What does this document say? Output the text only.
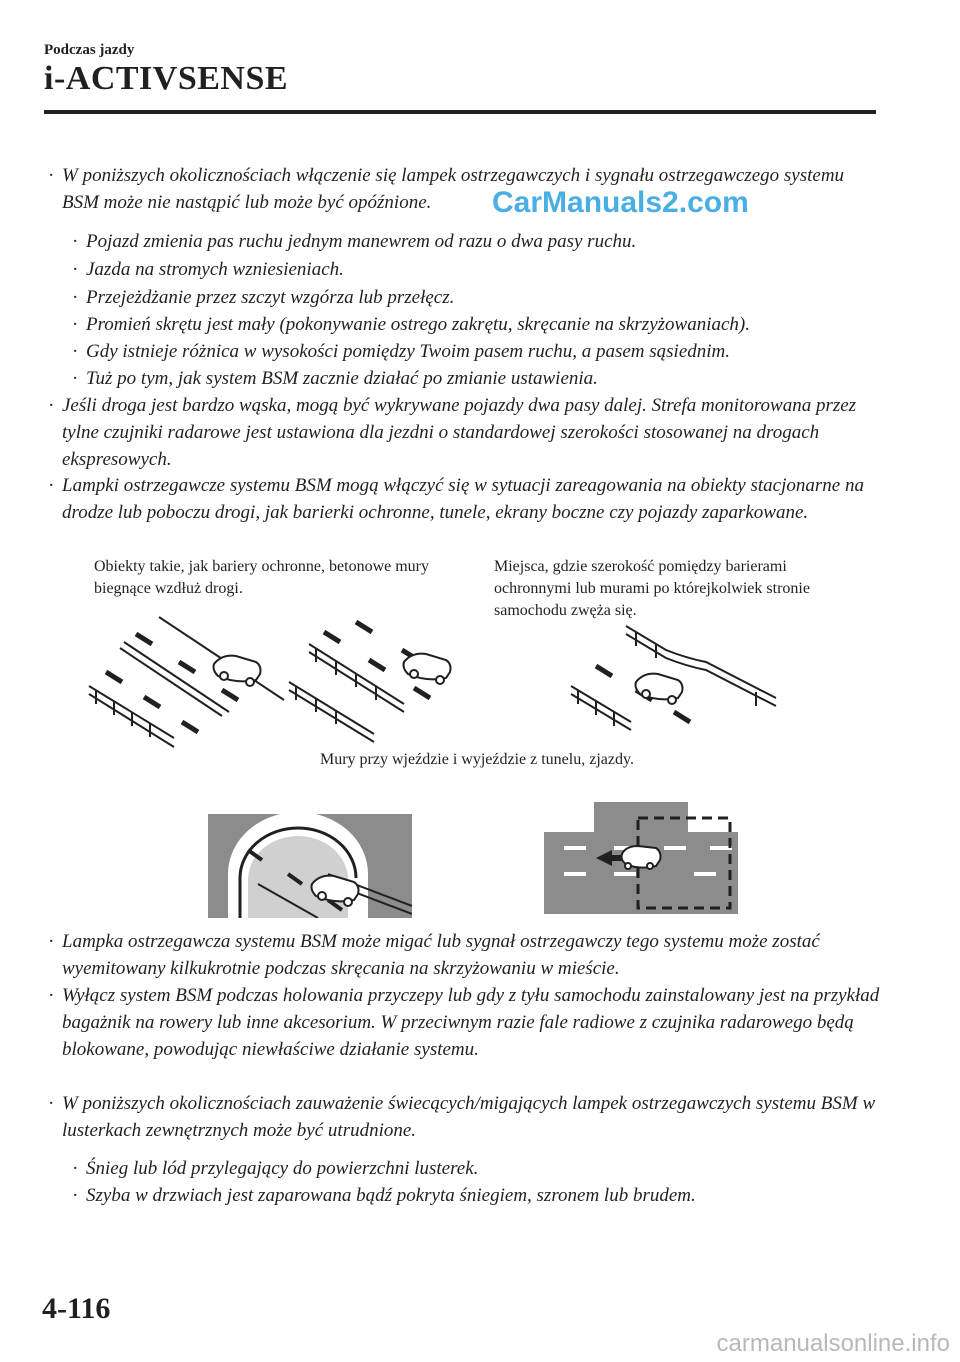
Podczas jazdy
i-ACTIVSENSE
· W poniższych okolicznościach włączenie się lampek ostrzegawczych i sygnału ostrzegawczego systemu BSM może nie nastąpić lub może być opóźnione.
· Pojazd zmienia pas ruchu jednym manewrem od razu o dwa pasy ruchu.
· Jazda na stromych wzniesieniach.
· Przejeżdżanie przez szczyt wzgórza lub przełęcz.
· Promień skrętu jest mały (pokonywanie ostrego zakrętu, skręcanie na skrzyżowaniach).
· Gdy istnieje różnica w wysokości pomiędzy Twoim pasem ruchu, a pasem sąsiednim.
· Tuż po tym, jak system BSM zacznie działać po zmianie ustawienia.
· Jeśli droga jest bardzo wąska, mogą być wykrywane pojazdy dwa pasy dalej. Strefa monitorowana przez tylne czujniki radarowe jest ustawiona dla jezdni o standardowej szerokości stosowanej na drogach ekspresowych.
· Lampki ostrzegawcze systemu BSM mogą włączyć się w sytuacji zareagowania na obiekty stacjonarne na drodze lub poboczu drogi, jak barierki ochronne, tunele, ekrany boczne czy pojazdy zaparkowane.
CarManuals2.com
Obiekty takie, jak bariery ochronne, betonowe mury biegnące wzdłuż drogi.
Miejsca, gdzie szerokość pomiędzy barierami ochronnymi lub murami po którejkolwiek stronie samochodu zwęża się.
Mury przy wjeździe i wyjeździe z tunelu, zjazdy.
· Lampka ostrzegawcza systemu BSM może migać lub sygnał ostrzegawczy tego systemu może zostać wyemitowany kilkukrotnie podczas skręcania na skrzyżowaniu w mieście.
· Wyłącz system BSM podczas holowania przyczepy lub gdy z tyłu samochodu zainstalowany jest na przykład bagażnik na rowery lub inne akcesorium. W przeciwnym razie fale radiowe z czujnika radarowego będą blokowane, powodując niewłaściwe działanie systemu.
· W poniższych okolicznościach zauważenie świecących/migających lampek ostrzegawczych systemu BSM w lusterkach zewnętrznych może być utrudnione.
· Śnieg lub lód przylegający do powierzchni lusterek.
· Szyba w drzwiach jest zaparowana bądź pokryta śniegiem, szronem lub brudem.
4-116
carmanualsonline.info
